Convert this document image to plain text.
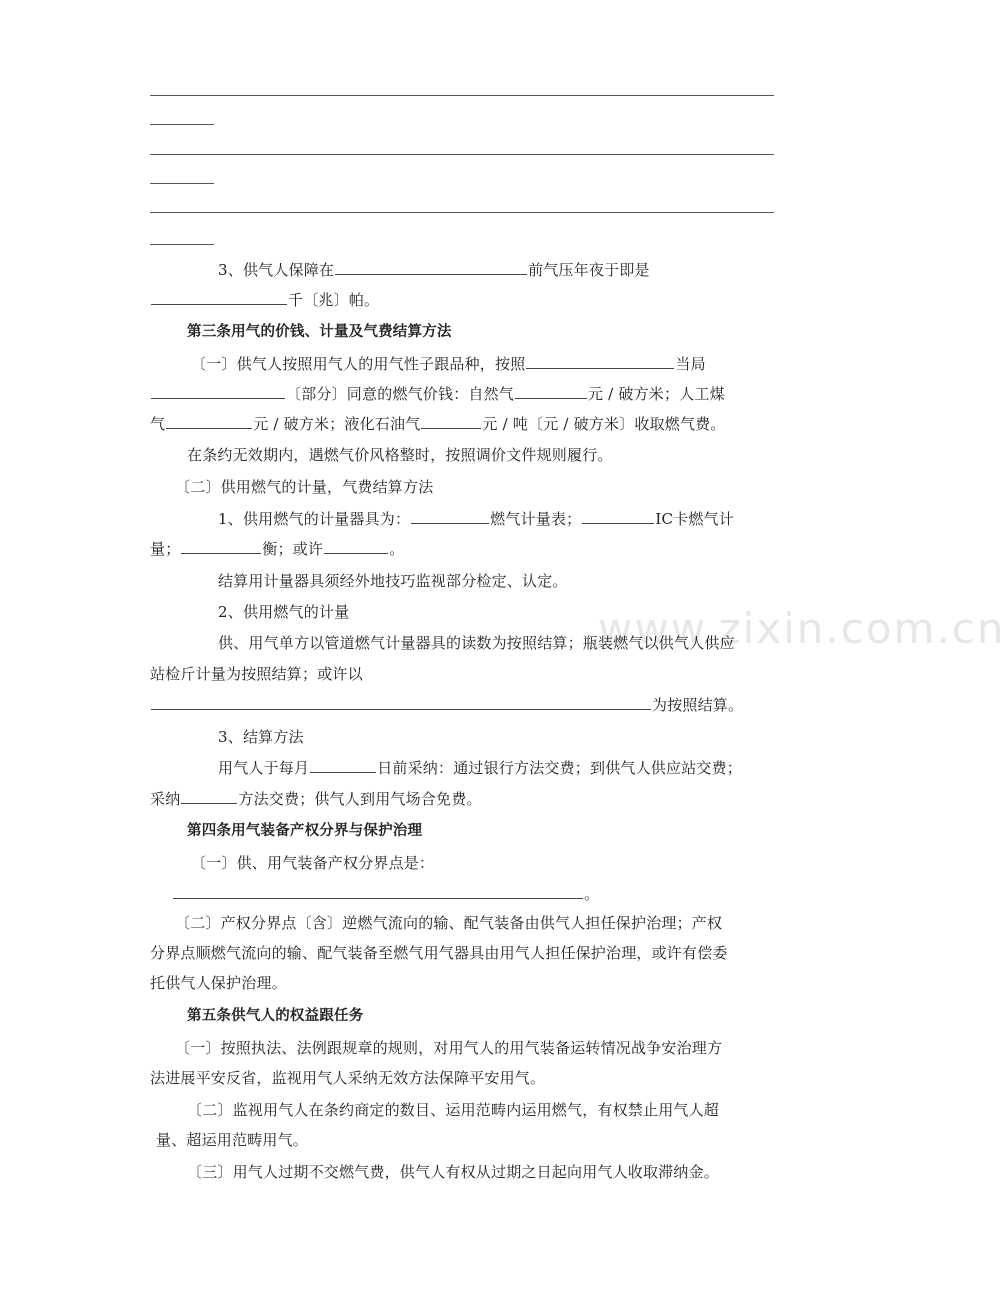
www.zixin.com.cn
3、供气人保障在	前气压年夜于即是
千〔兆〕帕。
第三条用气的价钱、计量及气费结算方法
〔一〕供气人按照用气人的用气性子跟品种，按照	当局
〔部分〕同意的燃气价钱：自然气	元 / 破方米；人工煤
气	元 / 破方米；液化石油气	元 / 吨〔元 / 破方米〕收取燃气费。
在条约无效期内，遇燃气价风格整时，按照调价文件规则履行。
〔二〕供用燃气的计量，气费结算方法
1、供用燃气的计量器具为：	燃气计量表；	IC卡燃气计
量；	衡；或许	。
结算用计量器具须经外地技巧监视部分检定、认定。
2、供用燃气的计量
供、用气单方以管道燃气计量器具的读数为按照结算；瓶装燃气以供气人供应
站检斤计量为按照结算；或许以
为按照结算。
3、结算方法
用气人于每月	日前采纳：通过银行方法交费；到供气人供应站交费；
采纳	方法交费；供气人到用气场合免费。
第四条用气装备产权分界与保护治理
〔一〕供、用气装备产权分界点是：
。
〔二〕产权分界点〔含〕逆燃气流向的输、配气装备由供气人担任保护治理；产权
分界点顺燃气流向的输、配气装备至燃气用气器具由用气人担任保护治理，或许有偿委
托供气人保护治理。
第五条供气人的权益跟任务
〔一〕按照执法、法例跟规章的规则，对用气人的用气装备运转情况战争安治理方
法进展平安反省，监视用气人采纳无效方法保障平安用气。
〔二〕监视用气人在条约商定的数目、运用范畴内运用燃气，有权禁止用气人超
量、超运用范畴用气。
〔三〕用气人过期不交燃气费，供气人有权从过期之日起向用气人收取滞纳金。
